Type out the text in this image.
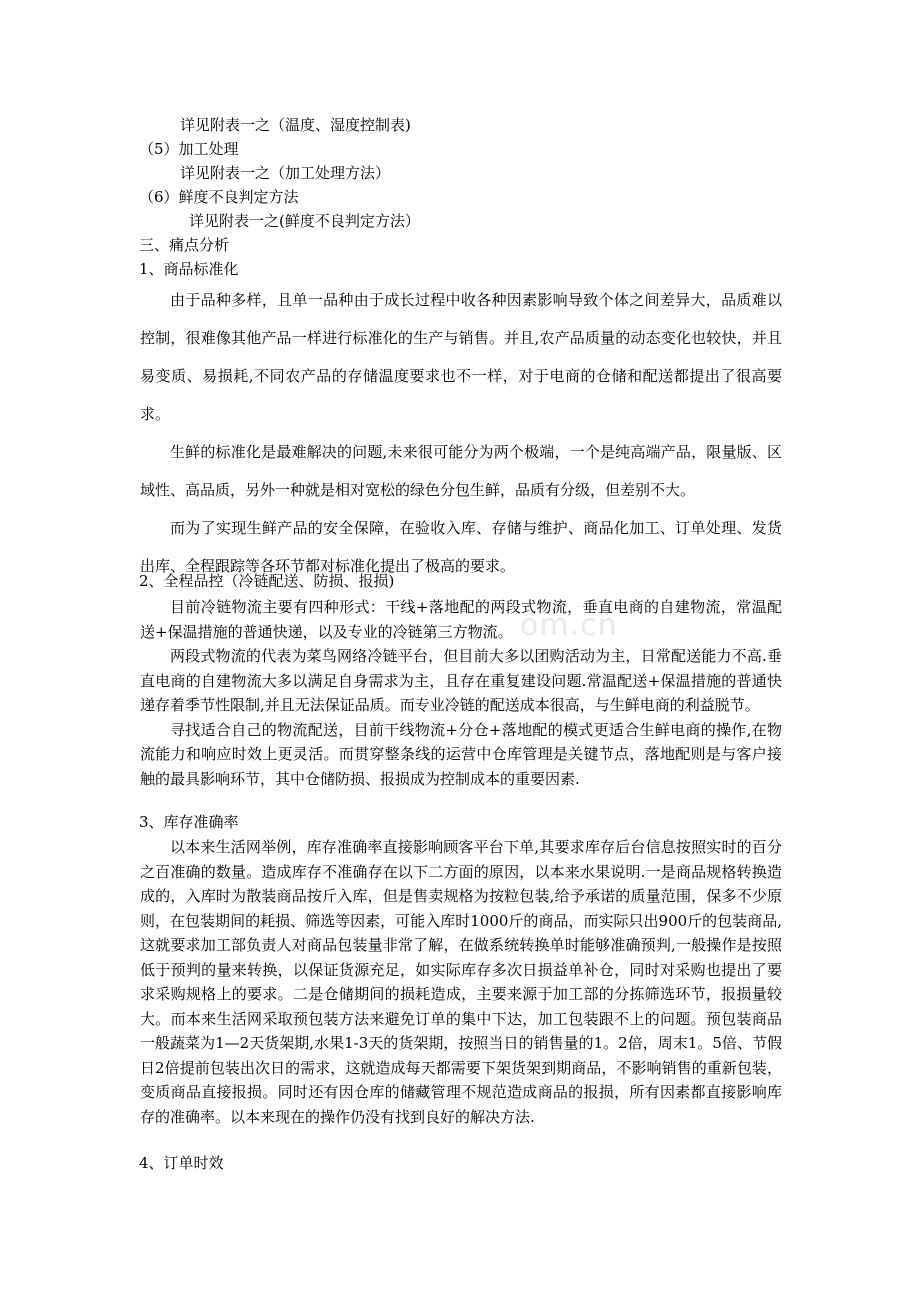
详见附表一之（温度、湿度控制表)
（5）加工处理
详见附表一之（加工处理方法）
（6）鲜度不良判定方法
详见附表一之(鲜度不良判定方法）
三、痛点分析
1、商品标准化

由于品种多样，且单一品种由于成长过程中收各种因素影响导致个体之间差异大，品质难以控制，很难像其他产品一样进行标准化的生产与销售。并且,农产品质量的动态变化也较快，并且易变质、易损耗,不同农产品的存储温度要求也不一样，对于电商的仓储和配送都提出了很高要求。

生鲜的标准化是最难解决的问题,未来很可能分为两个极端，一个是纯高端产品，限量版、区域性、高品质，另外一种就是相对宽松的绿色分包生鲜，品质有分级，但差别不大。

而为了实现生鲜产品的安全保障，在验收入库、存储与维护、商品化加工、订单处理、发货出库、全程跟踪等各环节都对标准化提出了极高的要求。

2、全程品控（冷链配送、防损、报损)
om.cn

目前冷链物流主要有四种形式：干线+落地配的两段式物流，垂直电商的自建物流，常温配送+保温措施的普通快递，以及专业的冷链第三方物流。

两段式物流的代表为菜鸟网络冷链平台，但目前大多以团购活动为主，日常配送能力不高.垂直电商的自建物流大多以满足自身需求为主，且存在重复建设问题.常温配送+保温措施的普通快递存着季节性限制,并且无法保证品质。而专业冷链的配送成本很高，与生鲜电商的利益脱节。

寻找适合自己的物流配送，目前干线物流+分仓+落地配的模式更适合生鲜电商的操作,在物流能力和响应时效上更灵活。而贯穿整条线的运营中仓库管理是关键节点，落地配则是与客户接触的最具影响环节，其中仓储防损、报损成为控制成本的重要因素.

3、库存准确率

以本来生活网举例，库存准确率直接影响顾客平台下单,其要求库存后台信息按照实时的百分之百准确的数量。造成库存不准确存在以下二方面的原因，以本来水果说明.一是商品规格转换造成的，入库时为散装商品按斤入库，但是售卖规格为按粒包装,给予承诺的质量范围，保多不少原则，在包装期间的耗损、筛选等因素，可能入库时1000斤的商品，而实际只出900斤的包装商品,这就要求加工部负责人对商品包装量非常了解，在做系统转换单时能够准确预判,一般操作是按照低于预判的量来转换，以保证货源充足，如实际库存多次日损益单补仓，同时对采购也提出了要求采购规格上的要求。二是仓储期间的损耗造成，主要来源于加工部的分拣筛选环节，报损量较大。而本来生活网采取预包装方法来避免订单的集中下达，加工包装跟不上的问题。预包装商品一般蔬菜为1—2天货架期,水果1-3天的货架期，按照当日的销售量的1。2倍，周末1。5倍、节假日2倍提前包装出次日的需求，这就造成每天都需要下架货架到期商品，不影响销售的重新包装，变质商品直接报损。同时还有因仓库的储藏管理不规范造成商品的报损，所有因素都直接影响库存的准确率。以本来现在的操作仍没有找到良好的解决方法.

4、订单时效
